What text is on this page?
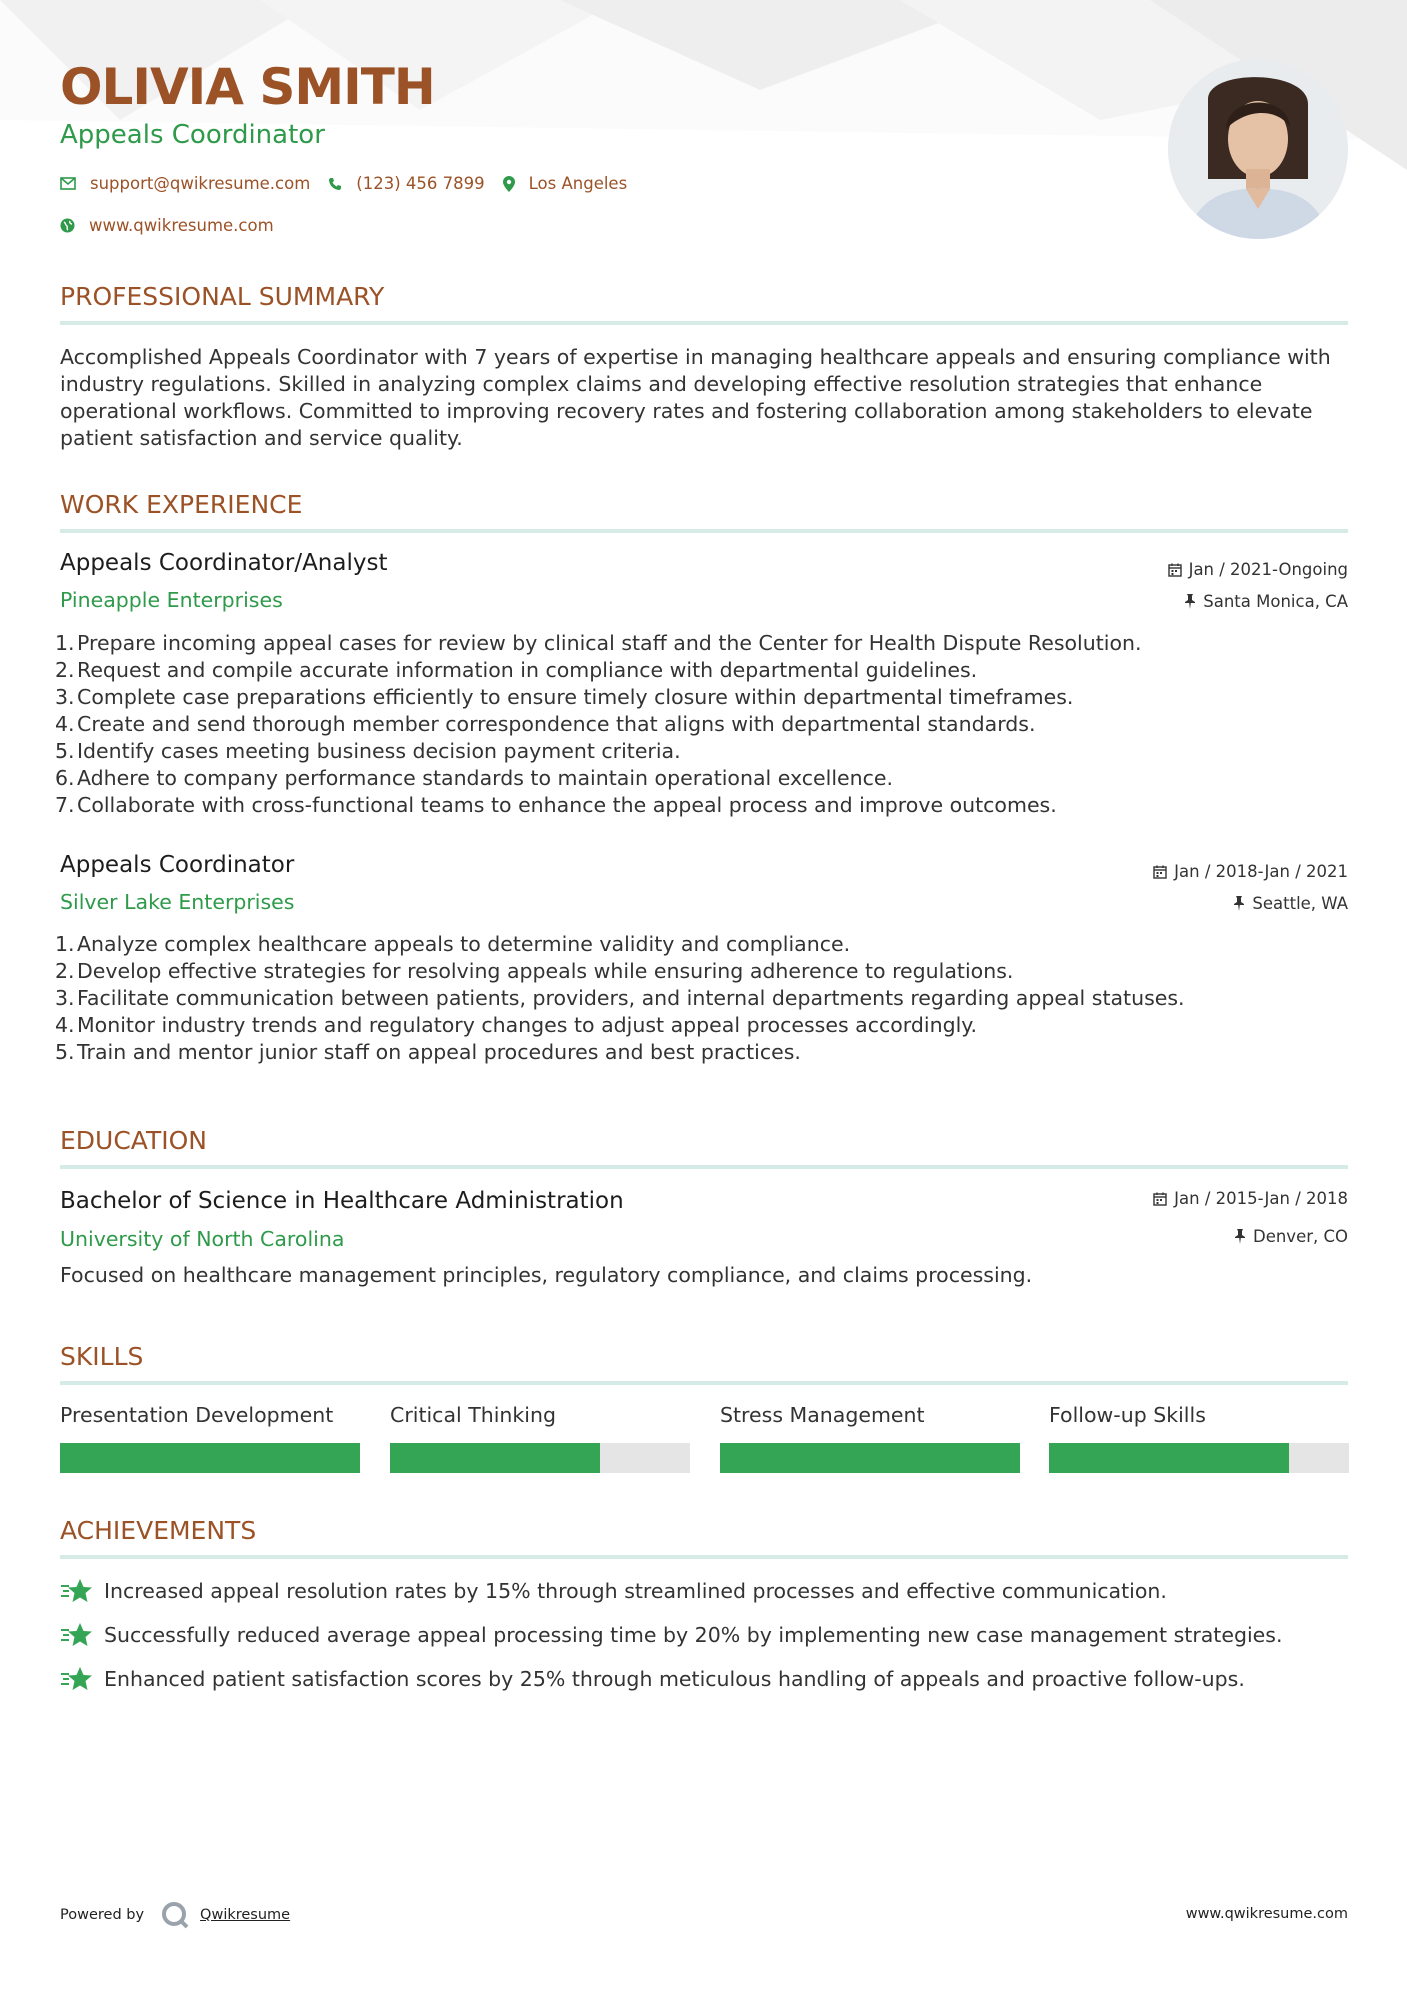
OLIVIA SMITH
Appeals Coordinator
support@qwikresume.com	(123) 456 7899	Los Angeles
www.qwikresume.com
PROFESSIONAL SUMMARY
Accomplished Appeals Coordinator with 7 years of expertise in managing healthcare appeals and ensuring compliance with industry regulations. Skilled in analyzing complex claims and developing effective resolution strategies that enhance operational workflows. Committed to improving recovery rates and fostering collaboration among stakeholders to elevate patient satisfaction and service quality.
WORK EXPERIENCE
Appeals Coordinator/Analyst	Jan / 2021-Ongoing
Pineapple Enterprises	Santa Monica, CA
1. Prepare incoming appeal cases for review by clinical staff and the Center for Health Dispute Resolution.
2. Request and compile accurate information in compliance with departmental guidelines.
3. Complete case preparations efficiently to ensure timely closure within departmental timeframes.
4. Create and send thorough member correspondence that aligns with departmental standards.
5. Identify cases meeting business decision payment criteria.
6. Adhere to company performance standards to maintain operational excellence.
7. Collaborate with cross-functional teams to enhance the appeal process and improve outcomes.
Appeals Coordinator	Jan / 2018-Jan / 2021
Silver Lake Enterprises	Seattle, WA
1. Analyze complex healthcare appeals to determine validity and compliance.
2. Develop effective strategies for resolving appeals while ensuring adherence to regulations.
3. Facilitate communication between patients, providers, and internal departments regarding appeal statuses.
4. Monitor industry trends and regulatory changes to adjust appeal processes accordingly.
5. Train and mentor junior staff on appeal procedures and best practices.
EDUCATION
Bachelor of Science in Healthcare Administration	Jan / 2015-Jan / 2018
University of North Carolina	Denver, CO
Focused on healthcare management principles, regulatory compliance, and claims processing.
SKILLS
Presentation Development	Critical Thinking	Stress Management	Follow-up Skills
ACHIEVEMENTS
Increased appeal resolution rates by 15% through streamlined processes and effective communication.
Successfully reduced average appeal processing time by 20% by implementing new case management strategies.
Enhanced patient satisfaction scores by 25% through meticulous handling of appeals and proactive follow-ups.
Powered by	Qwikresume	www.qwikresume.com
